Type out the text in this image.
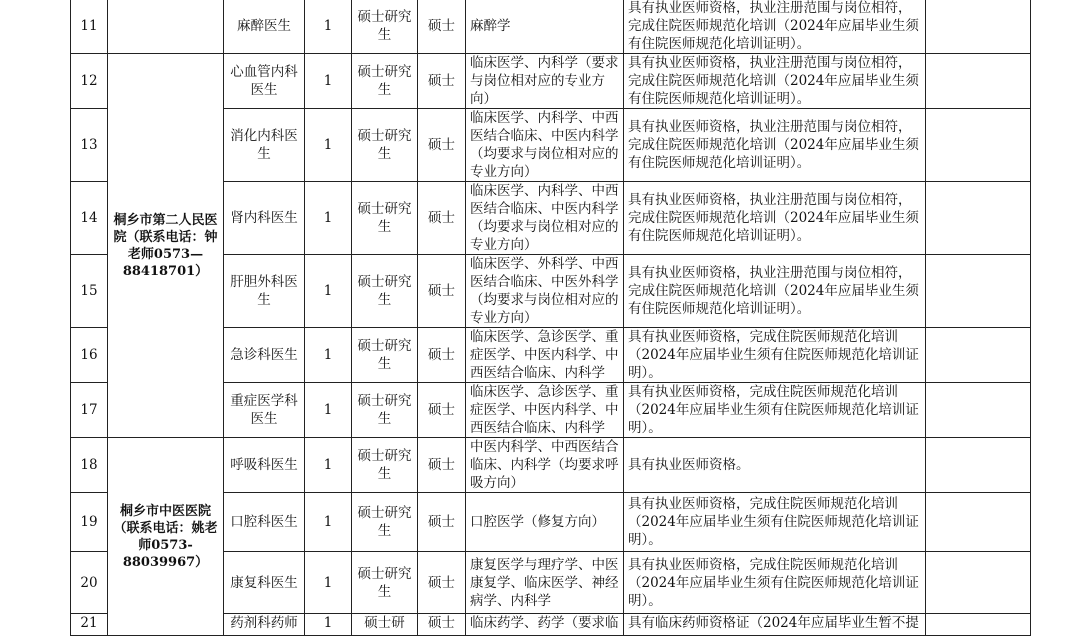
11		麻醉医生	1	硕士研究生	硕士	麻醉学	具有执业医师资格，执业注册范围与岗位相符，完成住院医师规范化培训（2024年应届毕业生须有住院医师规范化培训证明）。	
12	桐乡市第二人民医院（联系电话：钟老师0573—88418701）	心血管内科医生	1	硕士研究生	硕士	临床医学、内科学（要求与岗位相对应的专业方向）	具有执业医师资格，执业注册范围与岗位相符，完成住院医师规范化培训（2024年应届毕业生须有住院医师规范化培训证明）。	
13		消化内科医生	1	硕士研究生	硕士	临床医学、内科学、中西医结合临床、中医内科学（均要求与岗位相对应的专业方向）	具有执业医师资格，执业注册范围与岗位相符，完成住院医师规范化培训（2024年应届毕业生须有住院医师规范化培训证明）。	
14		肾内科医生	1	硕士研究生	硕士	临床医学、内科学、中西医结合临床、中医内科学（均要求与岗位相对应的专业方向）	具有执业医师资格，执业注册范围与岗位相符，完成住院医师规范化培训（2024年应届毕业生须有住院医师规范化培训证明）。	
15		肝胆外科医生	1	硕士研究生	硕士	临床医学、外科学、中西医结合临床、中医外科学（均要求与岗位相对应的专业方向）	具有执业医师资格，执业注册范围与岗位相符，完成住院医师规范化培训（2024年应届毕业生须有住院医师规范化培训证明）。	
16		急诊科医生	1	硕士研究生	硕士	临床医学、急诊医学、重症医学、中医内科学、中西医结合临床、内科学	具有执业医师资格，完成住院医师规范化培训（2024年应届毕业生须有住院医师规范化培训证明）。	
17		重症医学科医生	1	硕士研究生	硕士	临床医学、急诊医学、重症医学、中医内科学、中西医结合临床、内科学	具有执业医师资格，完成住院医师规范化培训（2024年应届毕业生须有住院医师规范化培训证明）。	
18	桐乡市中医医院（联系电话：姚老师0573-88039967）	呼吸科医生	1	硕士研究生	硕士	中医内科学、中西医结合临床、内科学（均要求呼吸方向）	具有执业医师资格。	
19		口腔科医生	1	硕士研究生	硕士	口腔医学（修复方向）	具有执业医师资格，完成住院医师规范化培训（2024年应届毕业生须有住院医师规范化培训证明）。	
20		康复科医生	1	硕士研究生	硕士	康复医学与理疗学、中医康复学、临床医学、神经病学、内科学	具有执业医师资格，完成住院医师规范化培训（2024年应届毕业生须有住院医师规范化培训证明）。	
21		药剂科药师	1	硕士研	硕士	临床药学、药学（要求临	具有临床药师资格证（2024年应届毕业生暂不提	
